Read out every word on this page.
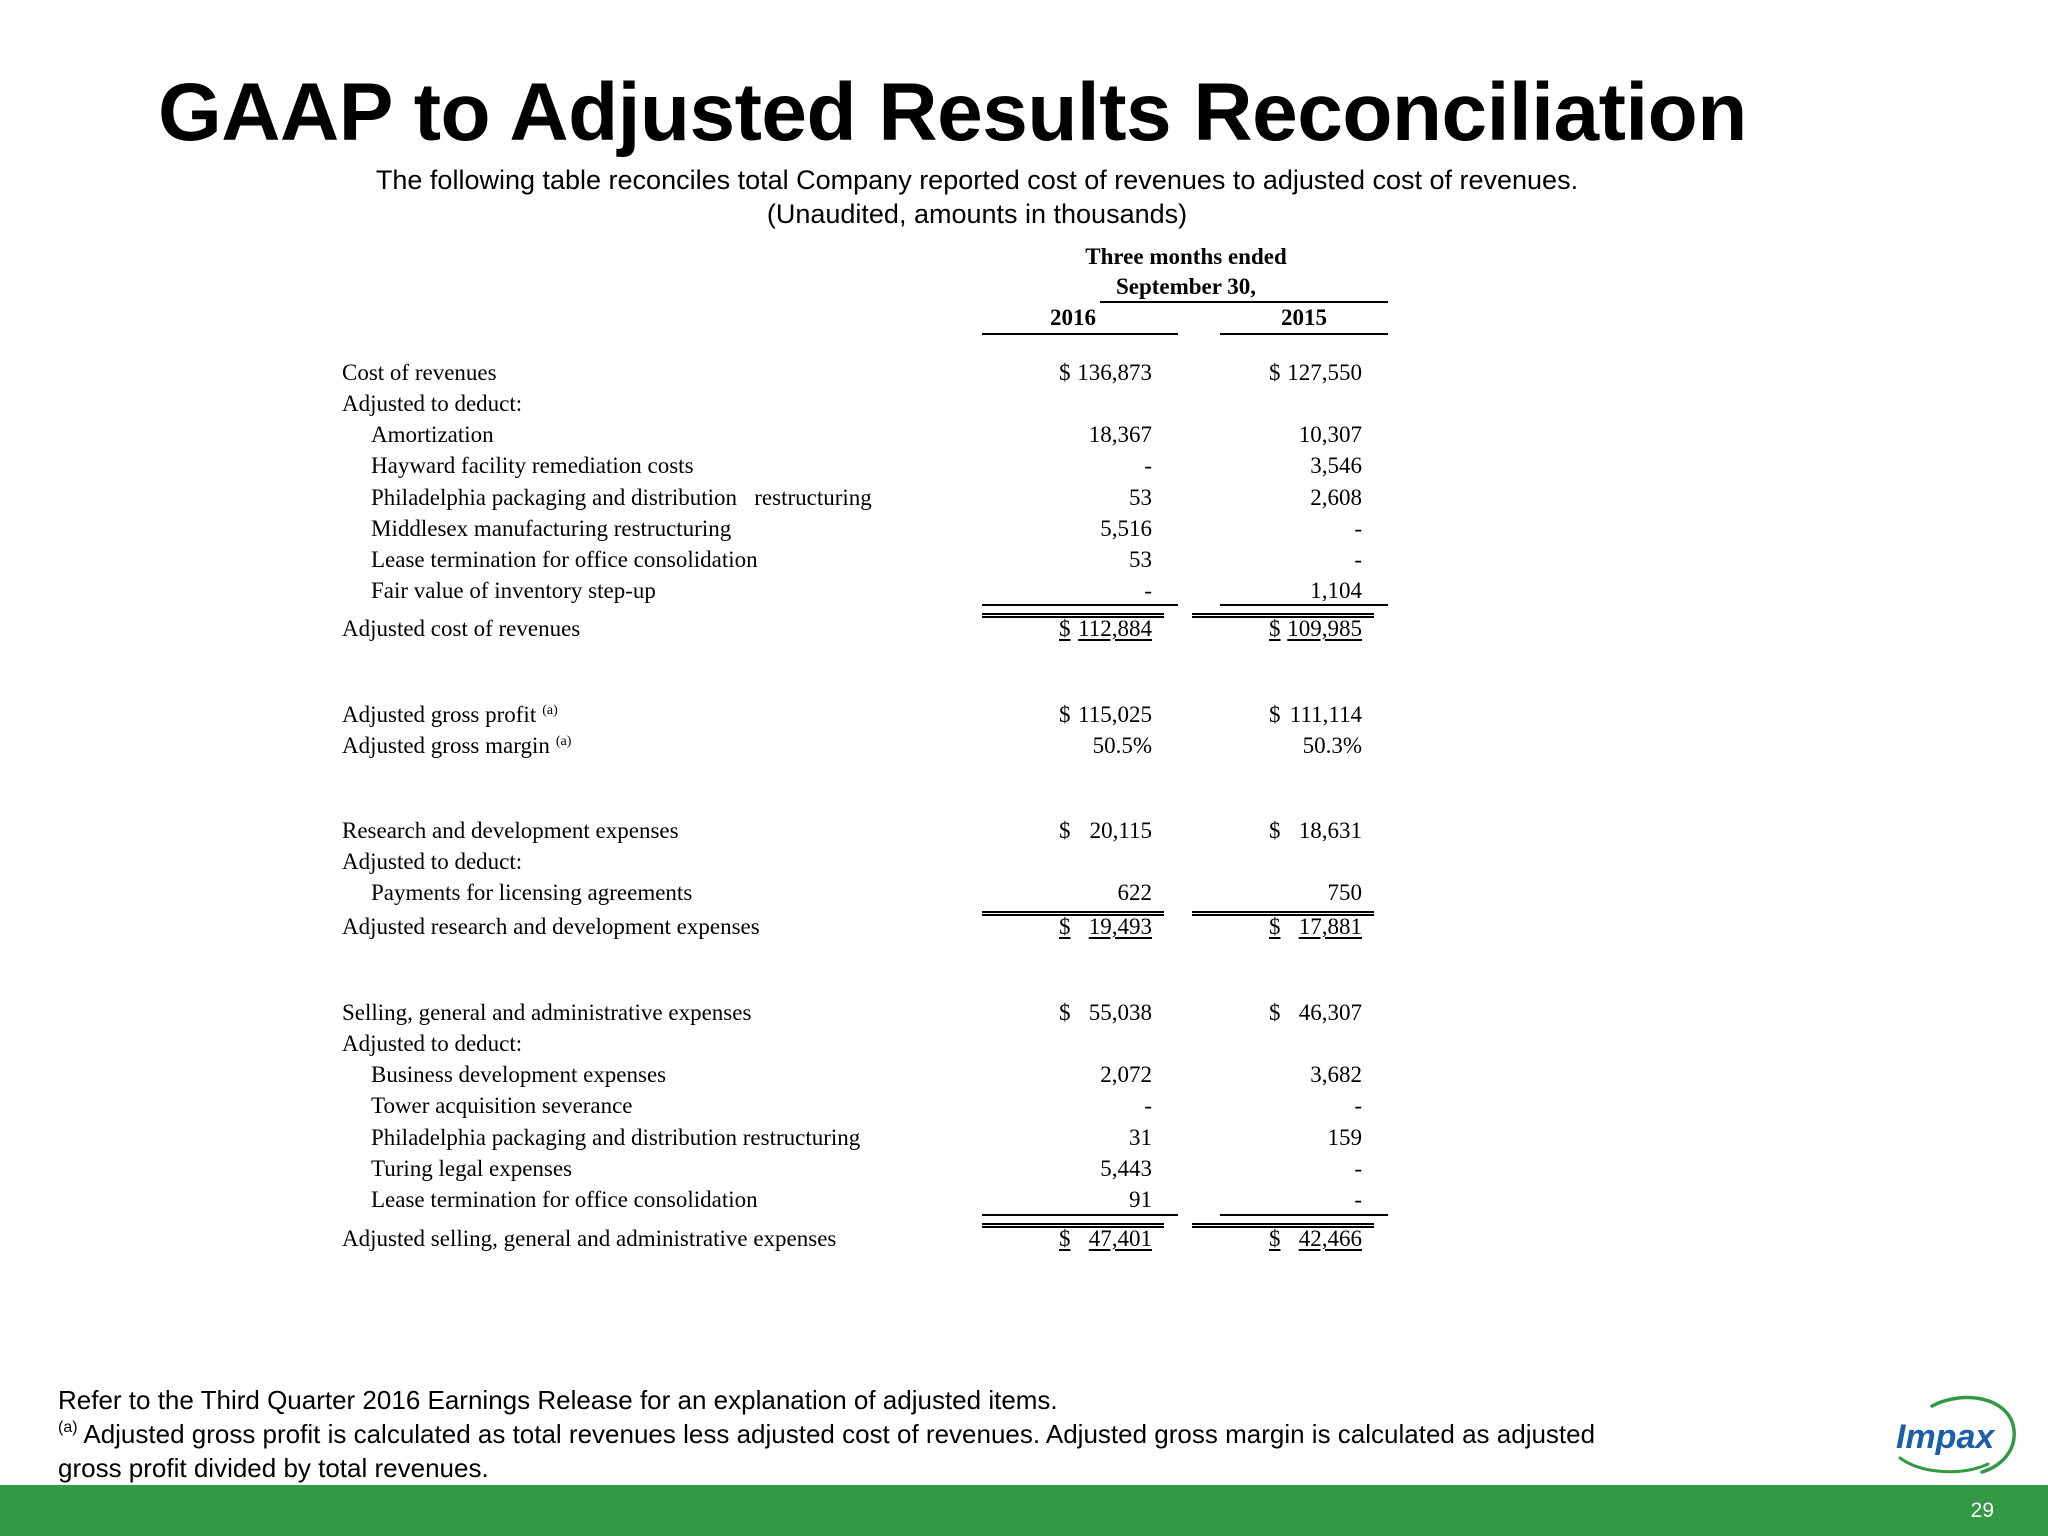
GAAP to Adjusted Results Reconciliation
The following table reconciles total Company reported cost of revenues to adjusted cost of revenues.
(Unaudited, amounts in thousands)
Three months ended
September 30,
2016	2015
Cost of revenues	$ 136,873	$ 127,550
Adjusted to deduct:
Amortization	18,367	10,307
Hayward facility remediation costs	-	3,546
Philadelphia packaging and distribution   restructuring	53	2,608
Middlesex manufacturing restructuring	5,516	-
Lease termination for office consolidation	53	-
Fair value of inventory step-up	-	1,104
Adjusted cost of revenues	$ 112,884	$ 109,985
Adjusted gross profit $^{(a)}$	$ 115,025	$ 111,114
Adjusted gross margin $^{(a)}$	50.5%	50.3%
Research and development expenses	$ 20,115	$ 18,631
Adjusted to deduct:
Payments for licensing agreements	622	750
Adjusted research and development expenses	$ 19,493	$ 17,881
Selling, general and administrative expenses	$ 55,038	$ 46,307
Adjusted to deduct:
Business development expenses	2,072	3,682
Tower acquisition severance	-	-
Philadelphia packaging and distribution restructuring	31	159
Turing legal expenses	5,443	-
Lease termination for office consolidation	91	-
Adjusted selling, general and administrative expenses	$ 47,401	$ 42,466
Refer to the Third Quarter 2016 Earnings Release for an explanation of adjusted items.
$^{(a)}$ Adjusted gross profit is calculated as total revenues less adjusted cost of revenues. Adjusted gross margin is calculated as adjusted
gross profit divided by total revenues.
Impax
29
